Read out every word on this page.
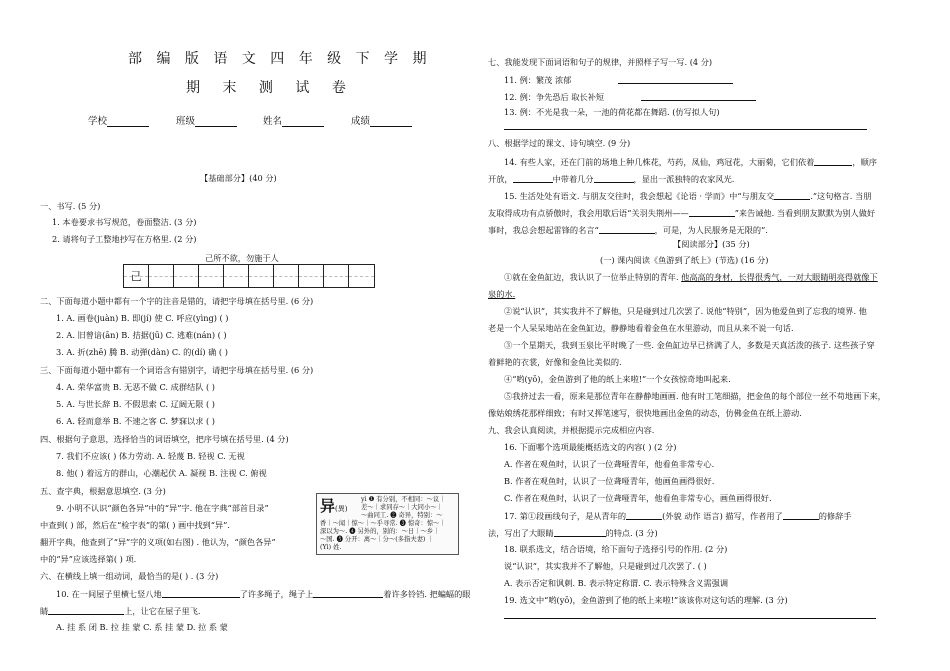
部 编 版 语 文 四 年 级 下 学 期
期 末 测 试 卷
学校	班级	姓名	成绩
【基础部分】(40 分)
一、书写. (5 分)
1. 本卷要求书写规范，卷面整洁. (3 分)
2. 请将句子工整地抄写在方格里. (2 分)
己所不欲，勿施于人
己
二、下面每道小题中都有一个字的注音是错的，请把字母填在括号里. (6 分)
1. A. 画卷(juàn) B. 即(jí) 使 C. 呼应(yìng) ( )
2. A. 旧曾谙(ān) B. 拮据(jū) C. 逃难(nán) ( )
3. A. 折(zhē) 腾 B. 动弹(dàn) C. 的(dí) 确 ( )
三、下面每道小题中都有一个词语含有错别字，请把字母填在括号里. (6 分)
4. A. 荣华富贵 B. 无恶不做 C. 成群结队 ( )
5. A. 与世长辞 B. 不假思索 C. 辽阔无限 ( )
6. A. 轻而意举 B. 不速之客 C. 梦寐以求 ( )
四、根据句子意思，选择恰当的词语填空，把序号填在括号里. (4 分)
7. 我们不应该( ) 体力劳动. A. 轻蔑 B. 轻视 C. 无视
8. 他( ) 着远方的群山，心潮起伏 A. 凝视 B. 注视 C. 俯视
五、查字典，根据意思填空. (3 分)
9. 小明不认识“颜色各异”中的“异”字. 他在字典“部首目录”
中查到( ) 部，然后在“检字表”的第( ) 画中找到“异”.
翻开字典，他查到了“异”字的义项(如右图) . 他认为，“颜色各异”
中的“异”应该选择第( ) 项.
异(異)
yì ❶ 有分别，不相同：～议｜
差～｜求同存～｜大同小～｜
～曲同工. ❷ 奇异，特别：～
香｜～闻｜惊～｜～乎寻常. ❸ 惊奇：惊～｜
深以为～. ❹ 另外的，别的：～日｜～乡｜
～国. ❺ 分开：离～｜分～(多指夫妻) ｜
(Yì) 姓.
六、在横线上填一组动词，最恰当的是( ) . (3 分)
10. 在一间屋子里横七竖八地	了许多绳子，绳子上	着许多铃铛. 把蝙蝠的眼
睛	上，让它在屋子里飞.
A. 挂 系 闭 B. 拉 挂 蒙 C. 系 挂 蒙 D. 拉 系 蒙
七、我能发现下面词语和句子的规律，并照样子写一写. (4 分)
11. 例：繁茂 浓郁
12. 例：争先恐后 取长补短
13. 例：不光是我一朵，一池的荷花都在舞蹈. (仿写拟人句)
八、根据学过的课文、诗句填空. (9 分)
14. 有些人家，还在门前的场地上种几株花，芍药，凤仙，鸡冠花，大丽菊，它们依着	，顺序
开放，	中带着几分	，显出一派独特的农家风光.
15. 生活处处有语文. 与朋友交往时，我会想起《论语 · 学而》中“与朋友交	.”这句格言. 当朋
友取得成功有点骄傲时，我会用歇后语“关羽失荆州——	”来告诫他. 当看到朋友默默为别人做好
事时，我总会想起雷锋的名言“	，可是，为人民服务是无限的”.
【阅读部分】(35 分)
(一) 课内阅读《鱼游到了纸上》(节选) (16 分)
①就在金鱼缸边，我认识了一位举止特别的青年. 他高高的身材，长得很秀气，一对大眼睛明亮得就像下
泉的水.
②说“认识”，其实我并不了解他，只是碰到过几次罢了. 说他“特别”，因为他爱鱼到了忘我的境界. 他
老是一个人呆呆地站在金鱼缸边，静静地看着金鱼在水里游动，而且从来不说一句话.
③一个星期天，我到玉泉比平时晚了一些. 金鱼缸边早已挤满了人，多数是天真活泼的孩子. 这些孩子穿
着鲜艳的衣裳，好像和金鱼比美似的.
④“哟(yō)，金鱼游到了他的纸上来啦!”一个女孩惊奇地叫起来.
⑤我挤过去一看，原来是那位青年在静静地画画. 他有时工笔细描，把金鱼的每个部位一丝不苟地画下来，
像姑娘绣花那样细致；有时又挥笔速写，很快地画出金鱼的动态，仿佛金鱼在纸上游动.
九、我会认真阅读，并根据提示完成相应内容.
16. 下面哪个选项最能概括选文的内容( ) (2 分)
A. 作者在观鱼时，认识了一位聋哑青年，他看鱼非常专心.
B. 作者在观鱼时，认识了一位聋哑青年，他画鱼画得很好.
C. 作者在观鱼时，认识了一位聋哑青年，他看鱼非常专心，画鱼画得很好.
17. 第①段画线句子，是从青年的	(外貌 动作 语言) 描写，作者用了	的修辞手
法，写出了大眼睛	的特点. (3 分)
18. 联系选文，结合语境，给下面句子选择引号的作用. (2 分)
说“认识”，其实我并不了解他，只是碰到过几次罢了. ( )
A. 表示否定和讽刺. B. 表示特定称谓. C. 表示特殊含义需强调
19. 选文中“哟(yō)，金鱼游到了他的纸上来啦!”该该你对这句话的理解. (3 分)
